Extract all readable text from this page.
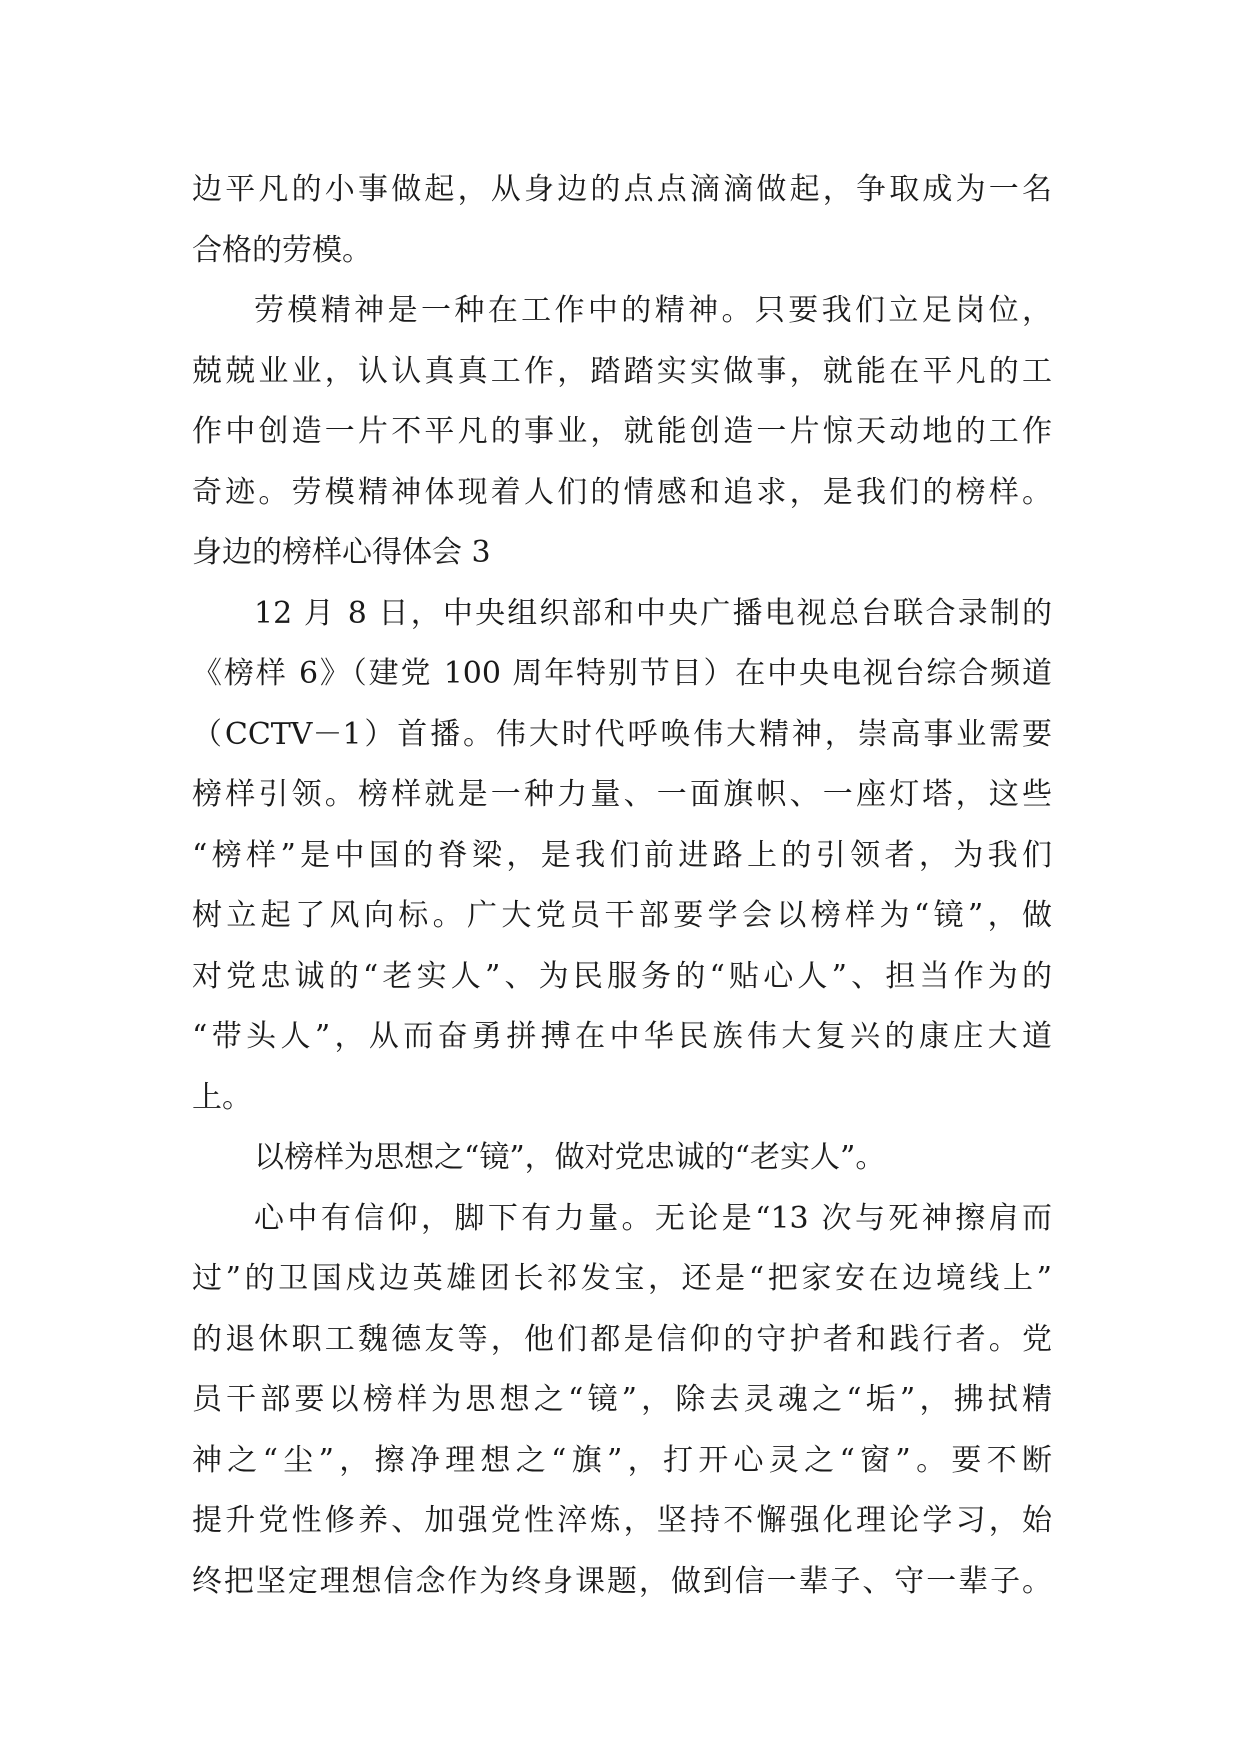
边平凡的小事做起，从身边的点点滴滴做起，争取成为一名
合格的劳模。
劳模精神是一种在工作中的精神。只要我们立足岗位，
兢兢业业，认认真真工作，踏踏实实做事，就能在平凡的工
作中创造一片不平凡的事业，就能创造一片惊天动地的工作
奇迹。劳模精神体现着人们的情感和追求，是我们的榜样。
身边的榜样心得体会 3
12 月 8 日，中央组织部和中央广播电视总台联合录制的
《榜样 6》（建党 100 周年特别节目）在中央电视台综合频道
（CCTV－1）首播。伟大时代呼唤伟大精神，崇高事业需要
榜样引领。榜样就是一种力量、一面旗帜、一座灯塔，这些
“榜样”是中国的脊梁，是我们前进路上的引领者，为我们
树立起了风向标。广大党员干部要学会以榜样为“镜”，做
对党忠诚的“老实人”、为民服务的“贴心人”、担当作为的
“带头人”，从而奋勇拼搏在中华民族伟大复兴的康庄大道
上。
以榜样为思想之“镜”，做对党忠诚的“老实人”。
心中有信仰，脚下有力量。无论是“13 次与死神擦肩而
过”的卫国戍边英雄团长祁发宝，还是“把家安在边境线上”
的退休职工魏德友等，他们都是信仰的守护者和践行者。党
员干部要以榜样为思想之“镜”，除去灵魂之“垢”，拂拭精
神之“尘”，擦净理想之“旗”，打开心灵之“窗”。要不断
提升党性修养、加强党性淬炼，坚持不懈强化理论学习，始
终把坚定理想信念作为终身课题，做到信一辈子、守一辈子。
